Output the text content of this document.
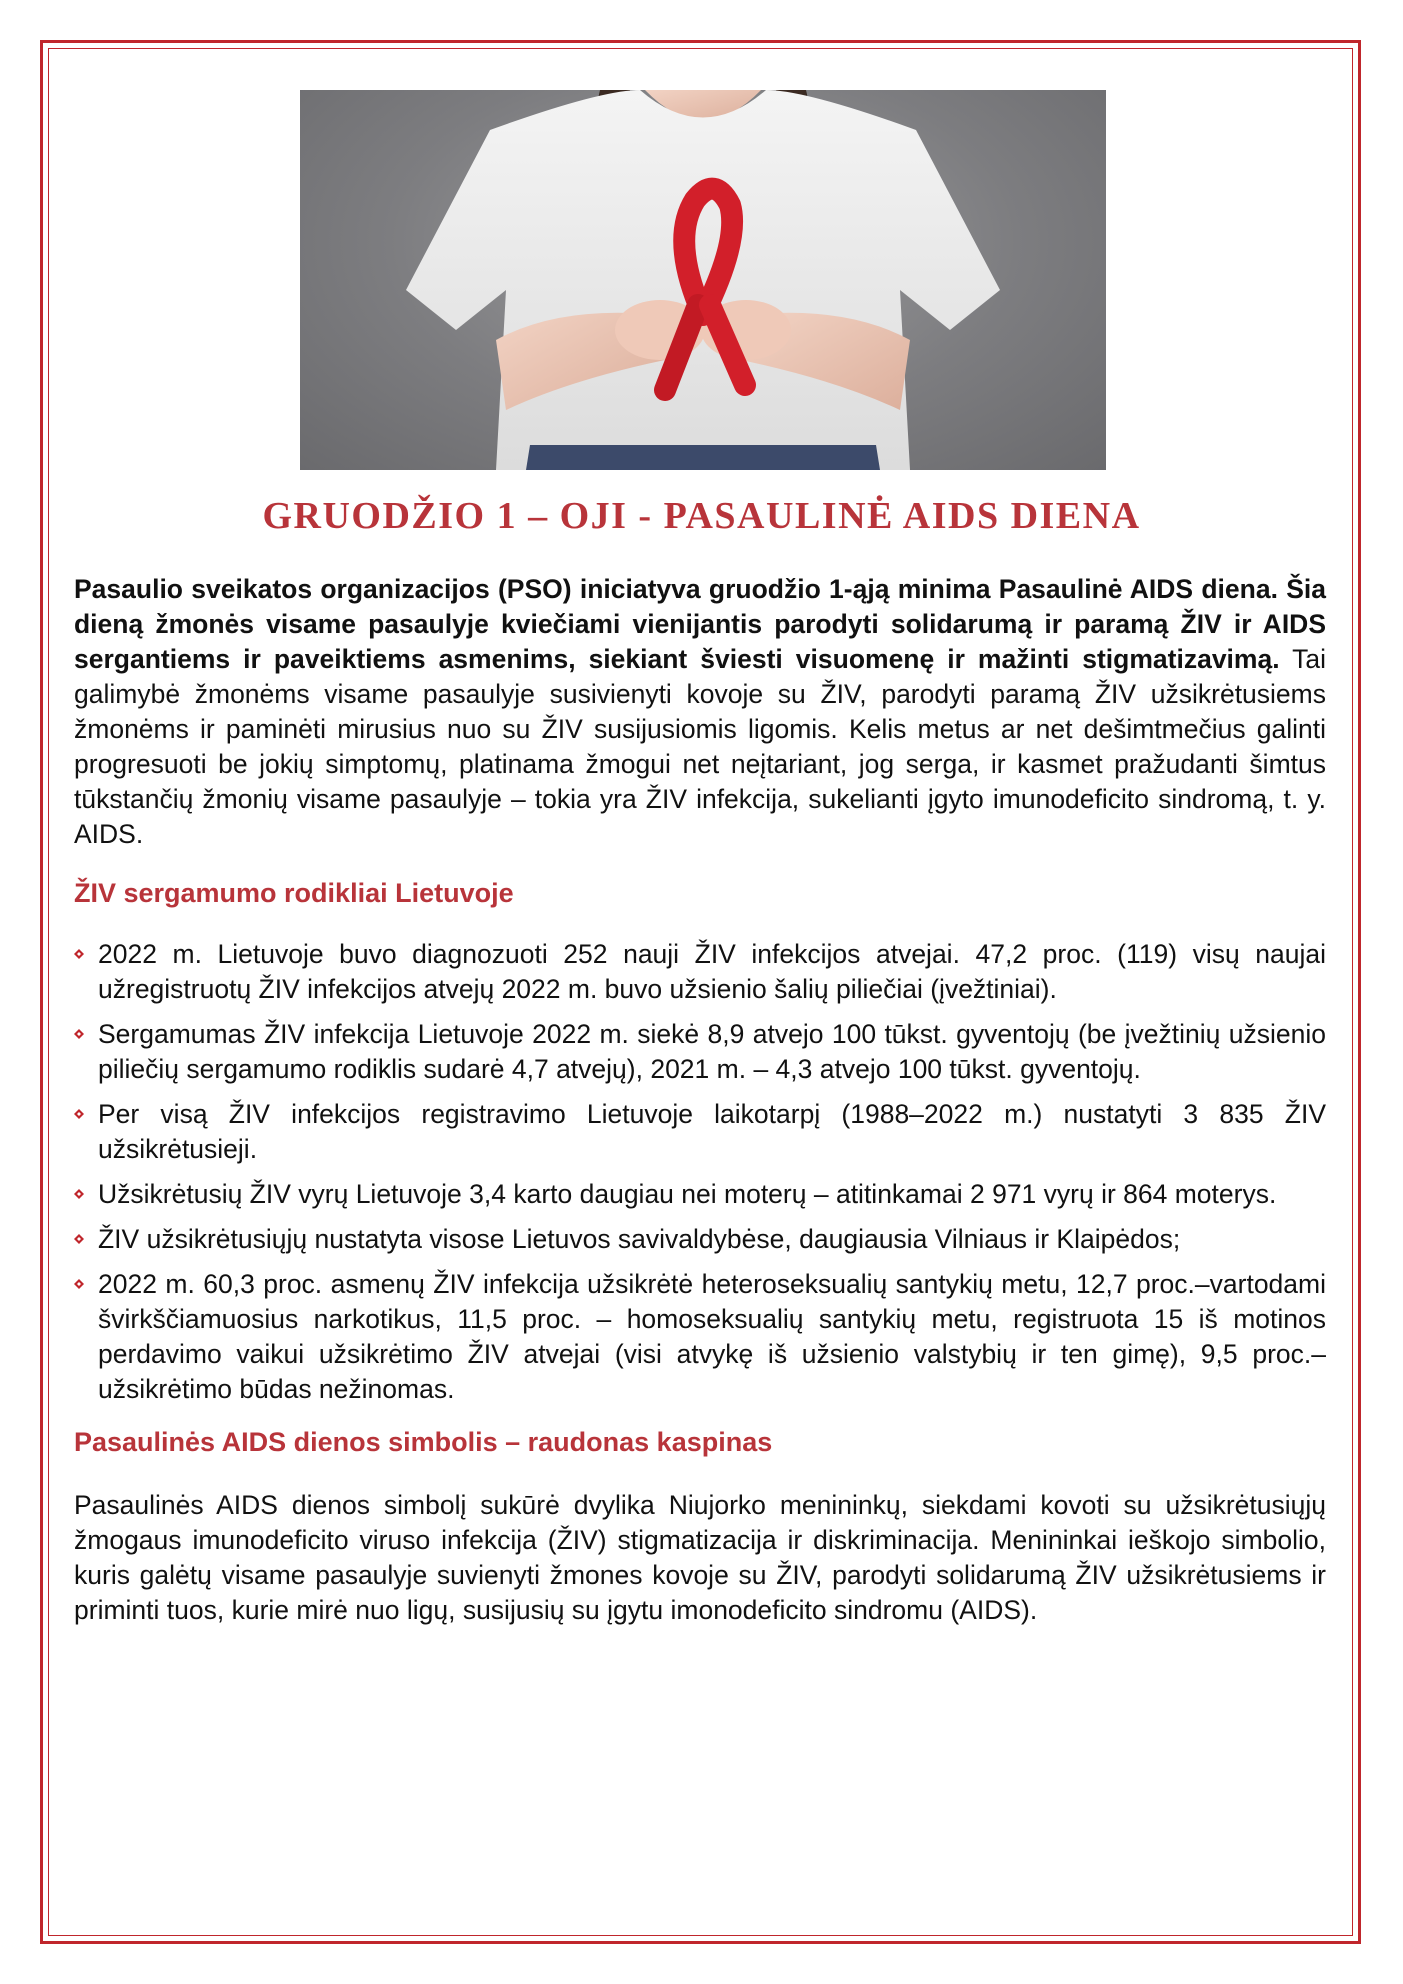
GRUODŽIO 1 – OJI - PASAULINĖ AIDS DIENA

Pasaulio sveikatos organizacijos (PSO) iniciatyva gruodžio 1-ąją minima Pasaulinė AIDS diena. Šia dieną žmonės visame pasaulyje kviečiami vienijantis parodyti solidarumą ir paramą ŽIV ir AIDS sergantiems ir paveiktiems asmenims, siekiant šviesti visuomenę ir mažinti stigmatizavimą. Tai galimybė žmonėms visame pasaulyje susivienyti kovoje su ŽIV, parodyti paramą ŽIV užsikrėtusiems žmonėms ir paminėti mirusius nuo su ŽIV susijusiomis ligomis. Kelis metus ar net dešimtmečius galinti progresuoti be jokių simptomų, platinama žmogui net neįtariant, jog serga, ir kasmet pražudanti šimtus tūkstančių žmonių visame pasaulyje – tokia yra ŽIV infekcija, sukelianti įgyto imunodeficito sindromą, t. y. AIDS.

ŽIV sergamumo rodikliai Lietuvoje
2022 m. Lietuvoje buvo diagnozuoti 252 nauji ŽIV infekcijos atvejai. 47,2 proc. (119) visų naujai užregistruotų ŽIV infekcijos atvejų 2022 m. buvo užsienio šalių piliečiai (įvežtiniai).
Sergamumas ŽIV infekcija Lietuvoje 2022 m. siekė 8,9 atvejo 100 tūkst. gyventojų (be įvežtinių užsienio piliečių sergamumo rodiklis sudarė 4,7 atvejų), 2021 m. – 4,3 atvejo 100 tūkst. gyventojų.
Per visą ŽIV infekcijos registravimo Lietuvoje laikotarpį (1988–2022 m.) nustatyti 3 835 ŽIV užsikrėtusieji.
Užsikrėtusių ŽIV vyrų Lietuvoje 3,4 karto daugiau nei moterų – atitinkamai 2 971 vyrų ir 864 moterys.
ŽIV užsikrėtusiųjų nustatyta visose Lietuvos savivaldybėse, daugiausia Vilniaus ir Klaipėdos;
2022 m. 60,3 proc. asmenų ŽIV infekcija užsikrėtė heteroseksualių santykių metu, 12,7 proc.–vartodami švirkščiamuosius narkotikus, 11,5 proc. – homoseksualių santykių metu, registruota 15 iš motinos perdavimo vaikui užsikrėtimo ŽIV atvejai (visi atvykę iš užsienio valstybių ir ten gimę), 9,5 proc.– užsikrėtimo būdas nežinomas.
Pasaulinės AIDS dienos simbolis – raudonas kaspinas

Pasaulinės AIDS dienos simbolį sukūrė dvylika Niujorko menininkų, siekdami kovoti su užsikrėtusiųjų žmogaus imunodeficito viruso infekcija (ŽIV) stigmatizacija ir diskriminacija. Menininkai ieškojo simbolio, kuris galėtų visame pasaulyje suvienyti žmones kovoje su ŽIV, parodyti solidarumą ŽIV užsikrėtusiems ir priminti tuos, kurie mirė nuo ligų, susijusių su įgytu imonodeficito sindromu (AIDS).
